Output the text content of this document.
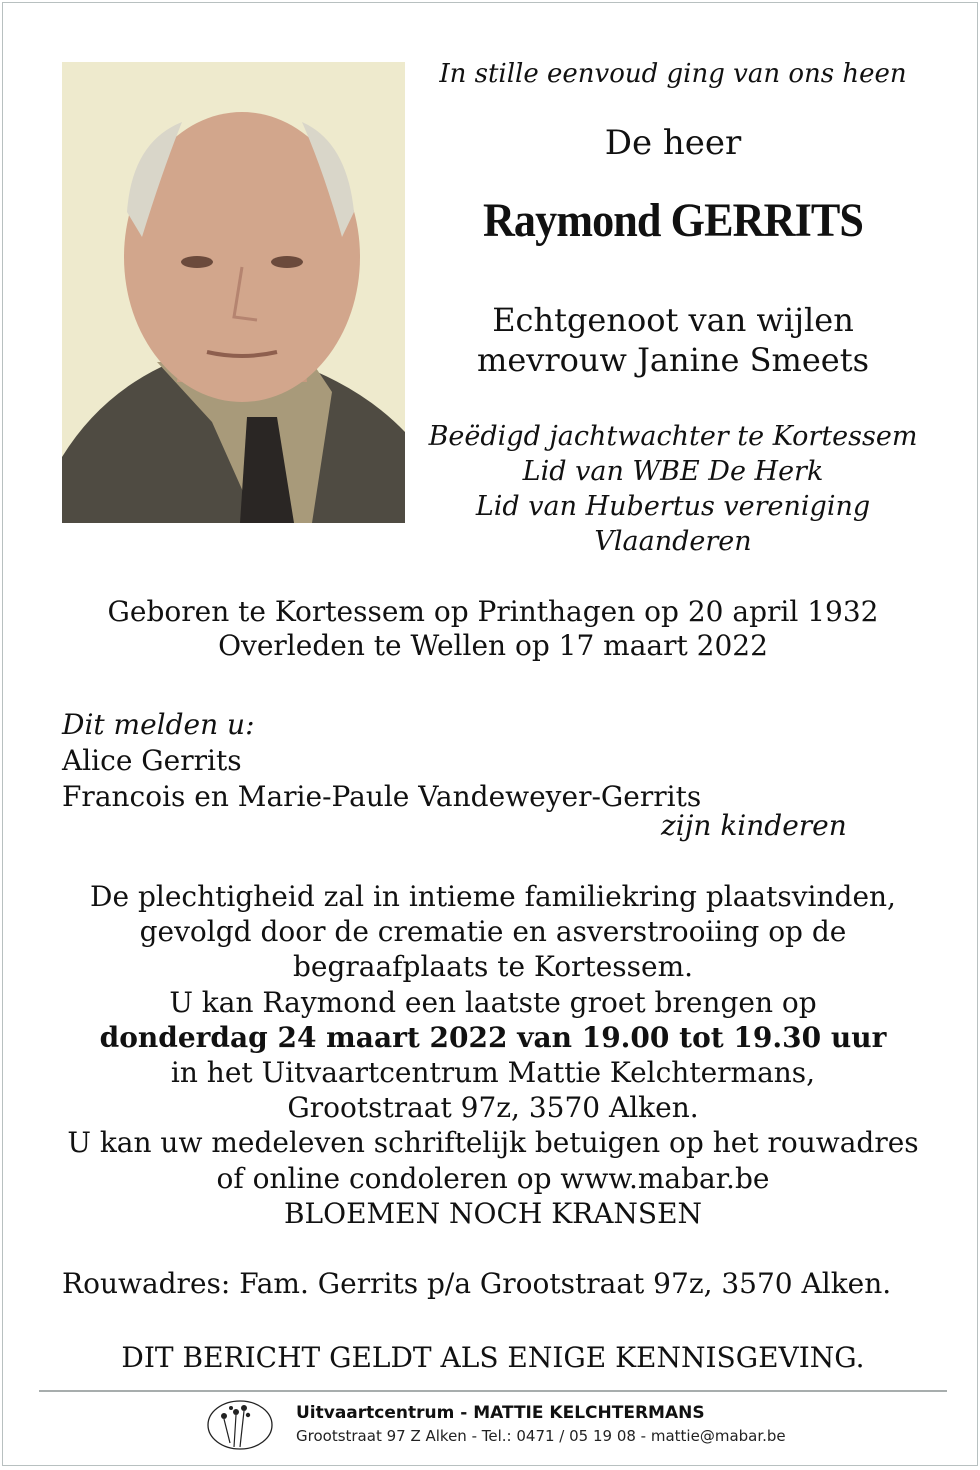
In stille eenvoud ging van ons heen
De heer
Raymond GERRITS
Echtgenoot van wijlen
mevrouw Janine Smeets
Beëdigd jachtwachter te Kortessem
Lid van WBE De Herk
Lid van Hubertus vereniging
Vlaanderen
Geboren te Kortessem op Printhagen op 20 april 1932
Overleden te Wellen op 17 maart 2022
Dit melden u:
Alice Gerrits
Francois en Marie-Paule Vandeweyer-Gerrits
zijn kinderen
De plechtigheid zal in intieme familiekring plaatsvinden,
gevolgd door de crematie en asverstrooiing op de
begraafplaats te Kortessem.
U kan Raymond een laatste groet brengen op
donderdag 24 maart 2022 van 19.00 tot 19.30 uur
in het Uitvaartcentrum Mattie Kelchtermans,
Grootstraat 97z, 3570 Alken.
U kan uw medeleven schriftelijk betuigen op het rouwadres
of online condoleren op www.mabar.be
BLOEMEN NOCH KRANSEN
Rouwadres: Fam. Gerrits p/a Grootstraat 97z, 3570 Alken.
DIT BERICHT GELDT ALS ENIGE KENNISGEVING.
Uitvaartcentrum - MATTIE KELCHTERMANS
Grootstraat 97 Z Alken - Tel.: 0471 / 05 19 08 - mattie@mabar.be
